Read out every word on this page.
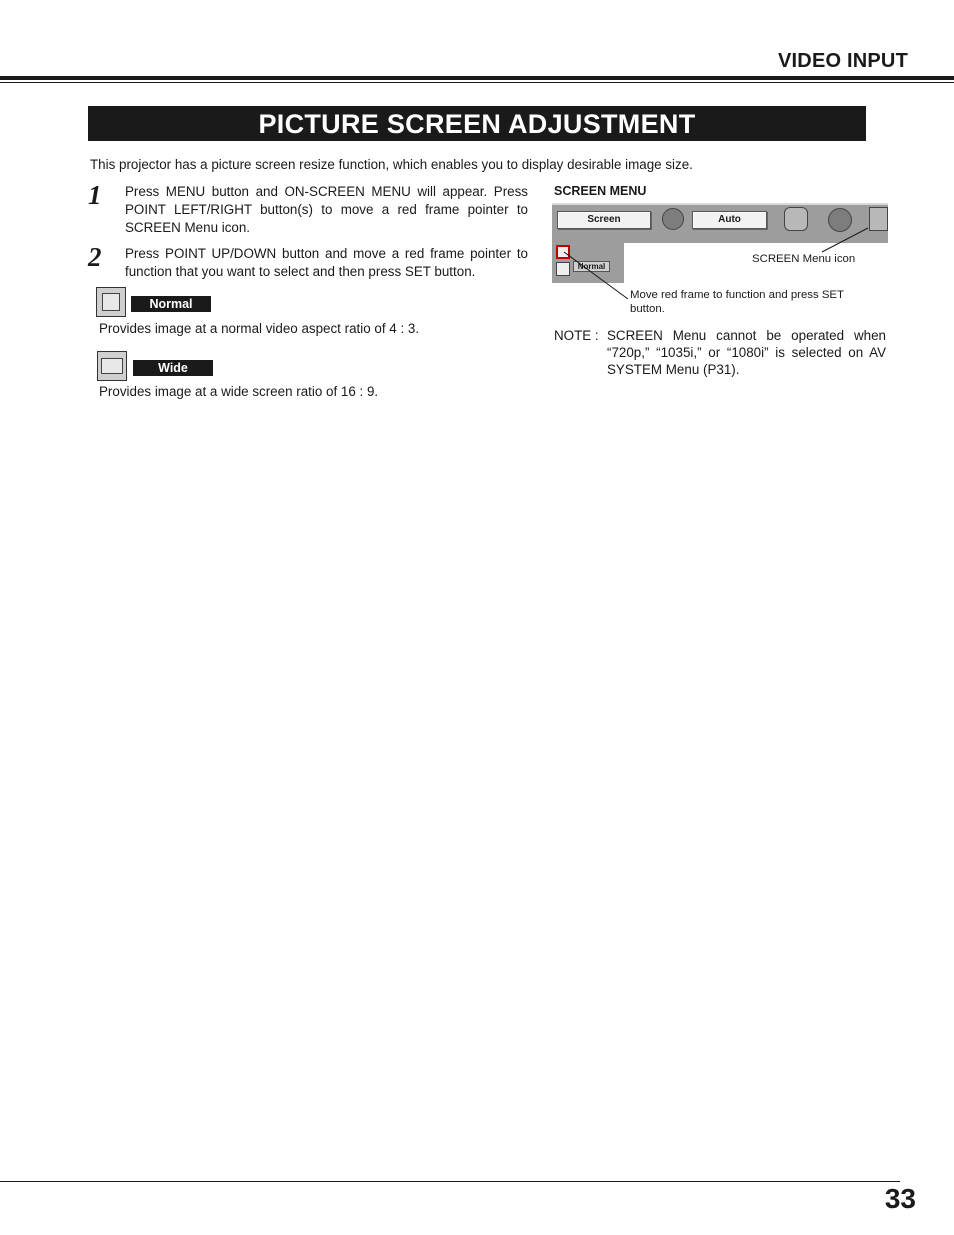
VIDEO INPUT
PICTURE SCREEN ADJUSTMENT
This projector has a picture screen resize function, which enables you to display desirable image size.
1 Press MENU button and ON-SCREEN MENU will appear. Press POINT LEFT/RIGHT button(s) to move a red frame pointer to SCREEN Menu icon.
2 Press POINT UP/DOWN button and move a red frame pointer to function that you want to select and then press SET button.
Normal
Provides image at a normal video aspect ratio of 4 : 3.
Wide
Provides image at a wide screen ratio of 16 : 9.
SCREEN MENU
Screen	Auto
Normal
SCREEN Menu icon
Move red frame to function and press SET button.
NOTE : SCREEN Menu cannot be operated when “720p,” “1035i,” or “1080i” is selected on AV SYSTEM Menu (P31).
33
